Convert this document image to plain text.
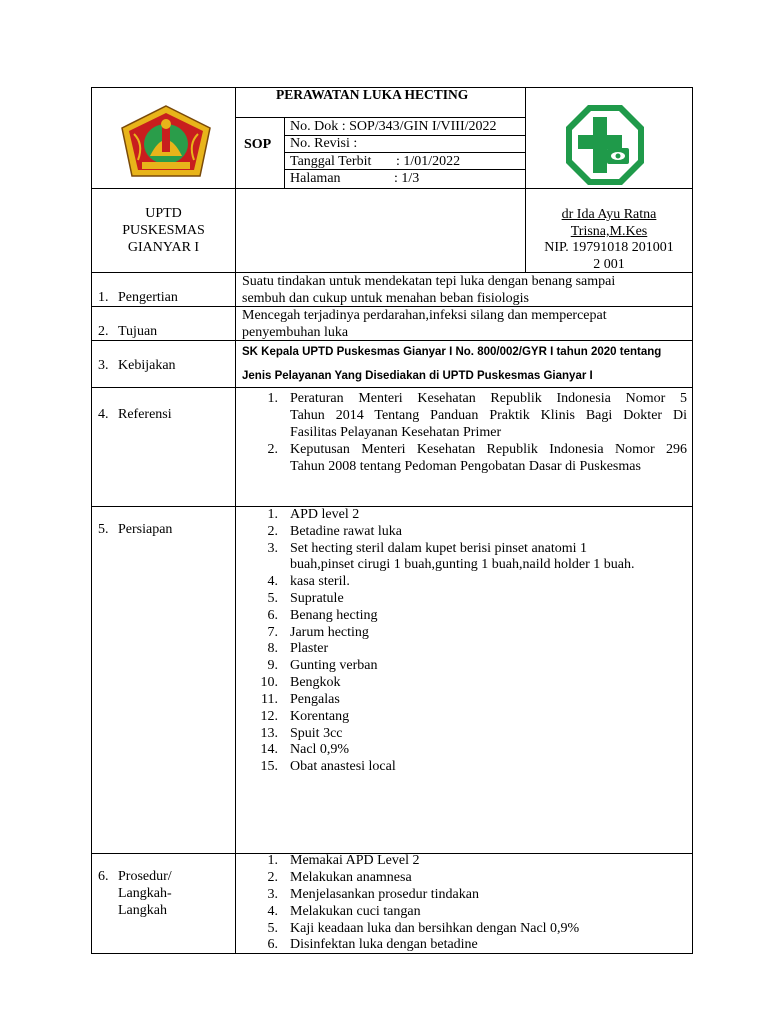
PERAWATAN LUKA HECTING
SOP
No. Dok : SOP/343/GIN I/VIII/2022
No. Revisi :
Tanggal Terbit : 1/01/2022
Halaman	: 1/3
UPTD
PUSKESMAS
GIANYAR I
dr Ida Ayu Ratna
Trisna,M.Kes
NIP. 19791018 201001
2 001
1. Pengertian
Suatu tindakan untuk mendekatan tepi luka dengan benang sampai
sembuh dan cukup untuk menahan beban fisiologis
2. Tujuan
Mencegah terjadinya perdarahan,infeksi silang dan mempercepat
penyembuhan luka
3. Kebijakan
SK Kepala UPTD Puskesmas Gianyar I No. 800/002/GYR I tahun 2020 tentang
Jenis Pelayanan Yang Disediakan di UPTD Puskesmas Gianyar I
4. Referensi
1. Peraturan Menteri Kesehatan Republik Indonesia Nomor 5
Tahun 2014 Tentang Panduan Praktik Klinis Bagi Dokter Di
Fasilitas Pelayanan Kesehatan Primer
2. Keputusan Menteri Kesehatan Republik Indonesia Nomor 296
Tahun 2008 tentang Pedoman Pengobatan Dasar di Puskesmas
5. Persiapan
1. APD level 2
2. Betadine rawat luka
3. Set hecting steril dalam kupet berisi pinset anatomi 1
buah,pinset cirugi 1 buah,gunting 1 buah,naild holder 1 buah.
4. kasa steril.
5. Supratule
6. Benang hecting
7. Jarum hecting
8. Plaster
9. Gunting verban
10. Bengkok
11. Pengalas
12. Korentang
13. Spuit 3cc
14. Nacl 0,9%
15. Obat anastesi local
6. Prosedur/
Langkah-
Langkah
1. Memakai APD Level 2
2. Melakukan anamnesa
3. Menjelasankan prosedur tindakan
4. Melakukan cuci tangan
5. Kaji keadaan luka dan bersihkan dengan Nacl 0,9%
6. Disinfektan luka dengan betadine
